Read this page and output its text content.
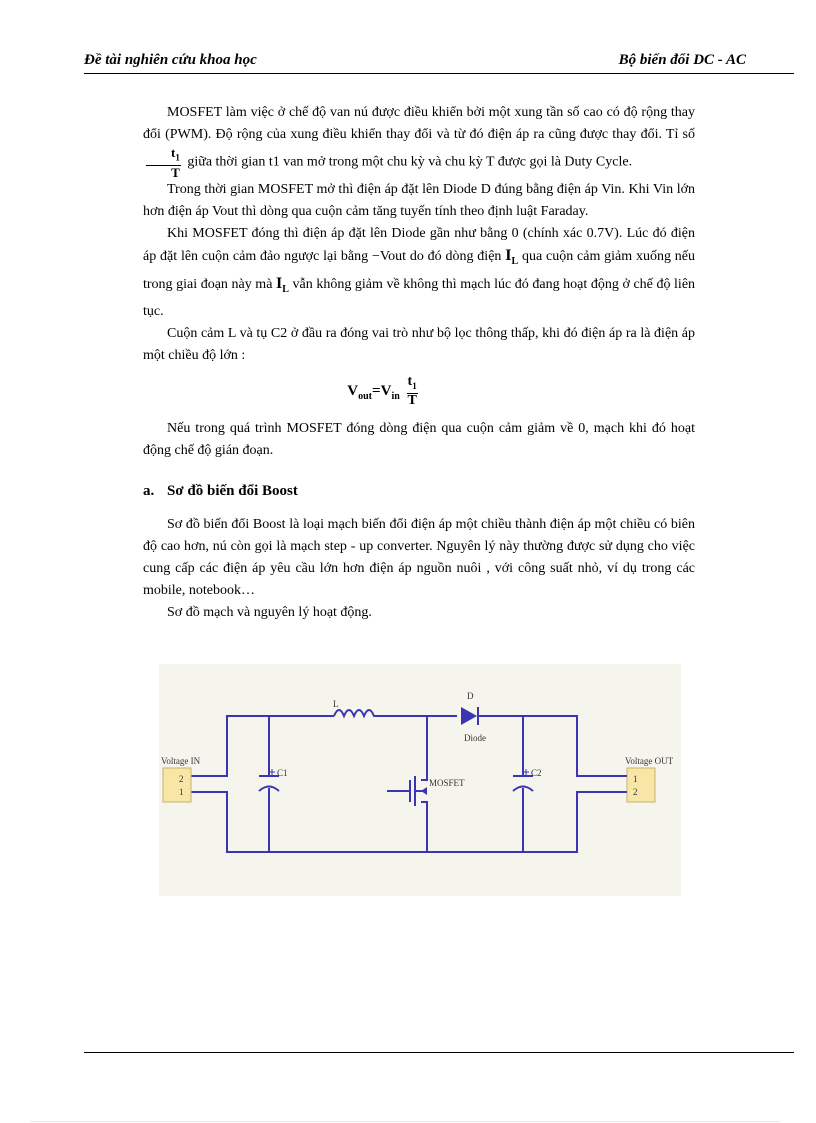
Đề tài nghiên cứu khoa học	Bộ biến đổi DC - AC

MOSFET làm việc ở chế độ van nú được điều khiển bởi một xung tần số cao có độ rộng thay đổi (PWM). Độ rộng của xung điều khiển thay đổi và từ đó điện áp ra cũng được thay đổi. Tỉ số
$\frac{t_1}{T}$ giữa thời gian t1 van mở trong một chu kỳ và chu kỳ T được gọi là Duty Cycle.

Trong thời gian MOSFET mở thì điện áp đặt lên Diode D đúng bằng điện áp Vin. Khi Vin lớn hơn điện áp Vout thì dòng qua cuộn cảm tăng tuyến tính theo định luật Faraday.

Khi MOSFET đóng thì điện áp đặt lên Diode gần như bằng 0 (chính xác 0.7V). Lúc đó điện áp đặt lên cuộn cảm đảo ngược lại bằng −Vout do đó dòng điện $I_L$ qua cuộn cảm giảm xuống nếu trong giai đoạn này mà $I_L$ vẫn không giảm về không thì mạch lúc đó đang hoạt động ở chế độ liên tục.

Cuộn cảm L và tụ C2 ở đầu ra đóng vai trò như bộ lọc thông thấp, khi đó điện áp ra là điện áp một chiều độ lớn :

$V_{out}=V_{in} \frac{t_1}{T}$

Nếu trong quá trình MOSFET đóng dòng điện qua cuộn cảm giảm về 0, mạch khi đó hoạt động chế độ gián đoạn.

a. Sơ đồ biến đổi Boost

Sơ đồ biến đổi Boost là loại mạch biến đổi điện áp một chiều thành điện áp một chiều có biên độ cao hơn, nú còn gọi là mạch step - up converter. Nguyên lý này thường được sử dụng cho việc cung cấp các điện áp yêu cầu lớn hơn điện áp nguồn nuôi , với công suất nhỏ, ví dụ trong các mobile, notebook…

Sơ đồ mạch và nguyên lý hoạt động.

L
D
Diode
C1	C2
MOSFET
Voltage IN
2
1
Voltage OUT
1
2
